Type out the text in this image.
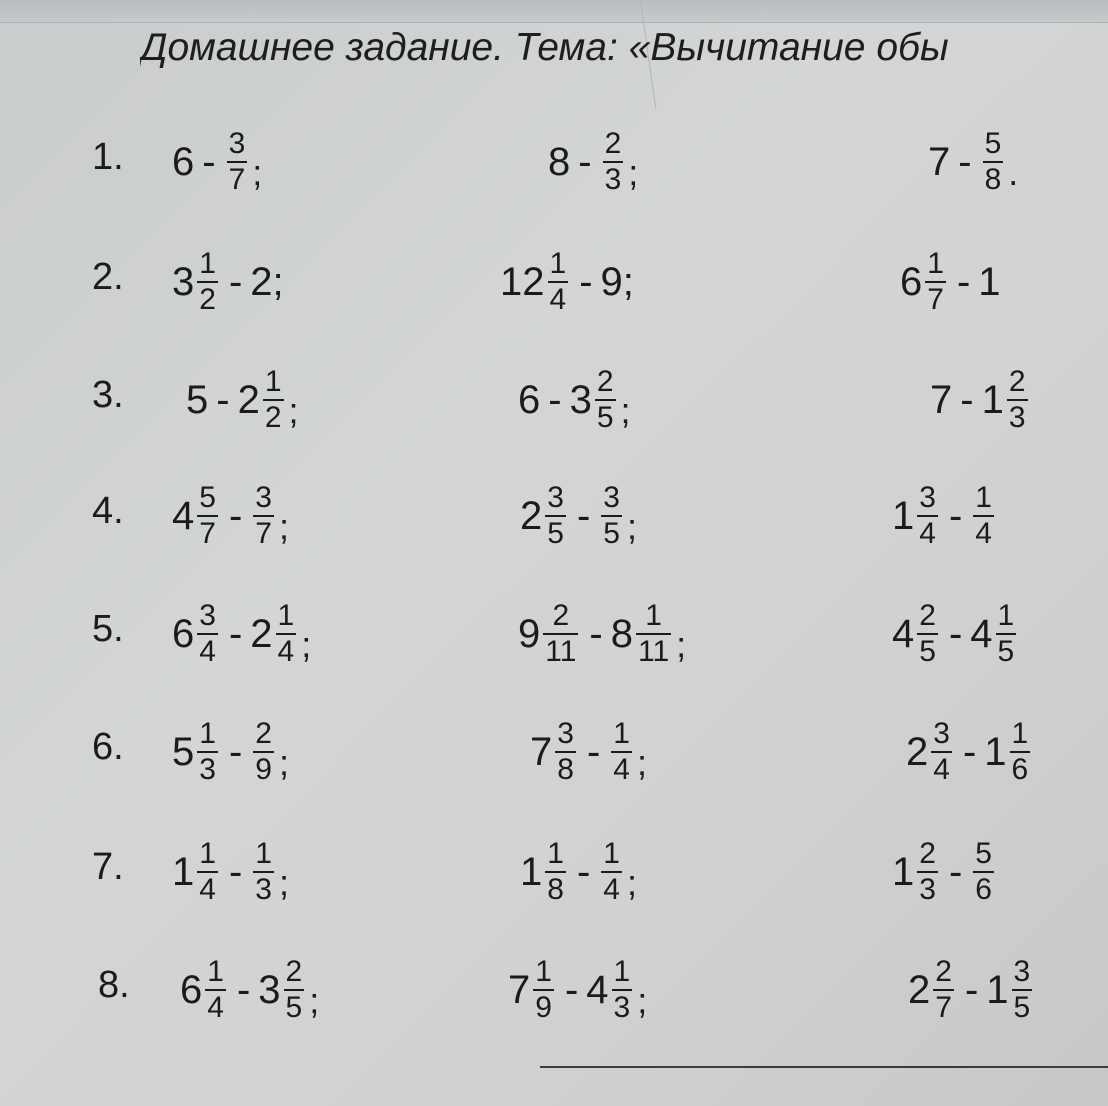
Домашнее задание. Тема: «Вычитание обы
1. $6 - \frac{3}{7}$ ;	$8 - \frac{2}{3}$ ;	$7 - \frac{5}{8}$ .
2. $3 \frac{1}{2} - 2$;	$12 \frac{1}{4} - 9$;	$6 \frac{1}{7} - 1$
3. $5 - 2 \frac{1}{2}$ ;	$6 - 3 \frac{2}{5}$ ;	$7 - 1 \frac{2}{3}$
4. $4 \frac{5}{7} - \frac{3}{7}$ ;	$2 \frac{3}{5} - \frac{3}{5}$ ;	$1 \frac{3}{4} - \frac{1}{4}$
5. $6 \frac{3}{4} - 2 \frac{1}{4}$ ;	$9 \frac{2}{11} - 8 \frac{1}{11}$ ;	$4 \frac{2}{5} - 4 \frac{1}{5}$
6. $5 \frac{1}{3} - \frac{2}{9}$ ;	$7 \frac{3}{8} - \frac{1}{4}$ ;	$2 \frac{3}{4} - 1 \frac{1}{6}$
7. $1 \frac{1}{4} - \frac{1}{3}$ ;	$1 \frac{1}{8} - \frac{1}{4}$ ;	$1 \frac{2}{3} - \frac{5}{6}$
8. $6 \frac{1}{4} - 3 \frac{2}{5}$ ;	$7 \frac{1}{9} - 4 \frac{1}{3}$ ;	$2 \frac{2}{7} - 1 \frac{3}{5}$
